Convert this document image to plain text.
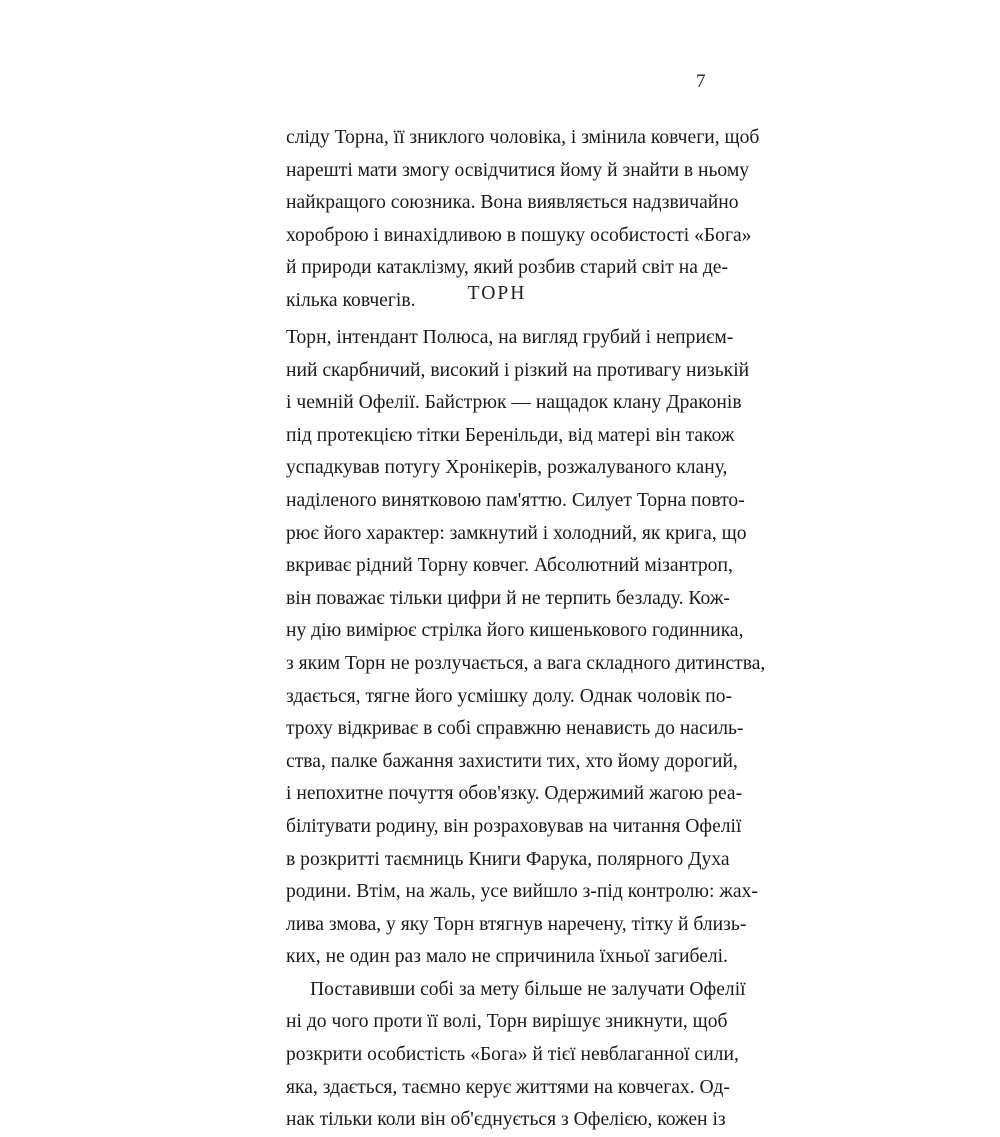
7
сліду Торна, її зниклого чоловіка, і змінила ковчеги, щоб
нарешті мати змогу освідчитися йому й знайти в ньому
найкращого союзника. Вона виявляється надзвичайно
хороброю і винахідливою в пошуку особистості «Бога»
й природи катаклізму, який розбив старий світ на де-
кілька ковчегів.	ТОРН
Торн, інтендант Полюса, на вигляд грубий і неприєм-
ний скарбничий, високий і різкий на противагу низькій
і чемній Офелії. Байстрюк — нащадок клану Драконів
під протекцією тітки Беренільди, від матері він також
успадкував потугу Хронікерів, розжалуваного клану,
наділеного винятковою пам'яттю. Силует Торна повто-
рює його характер: замкнутий і холодний, як крига, що
вкриває рідний Торну ковчег. Абсолютний мізантроп,
він поважає тільки цифри й не терпить безладу. Кож-
ну дію вимірює стрілка його кишенькового годинника,
з яким Торн не розлучається, а вага складного дитинства,
здається, тягне його усмішку долу. Однак чоловік по-
троху відкриває в собі справжню ненависть до насиль-
ства, палке бажання захистити тих, хто йому дорогий,
і непохитне почуття обов'язку. Одержимий жагою реа-
білітувати родину, він розраховував на читання Офелії
в розкритті таємниць Книги Фарука, полярного Духа
родини. Втім, на жаль, усе вийшло з-під контролю: жах-
лива змова, у яку Торн втягнув наречену, тітку й близь-
ких, не один раз мало не спричинила їхньої загибелі.
Поставивши собі за мету більше не залучати Офелії
ні до чого проти її волі, Торн вирішує зникнути, щоб
розкрити особистість «Бога» й тієї невблаганної сили,
яка, здається, таємно керує життями на ковчегах. Од-
нак тільки коли він об'єднується з Офелією, кожен із
